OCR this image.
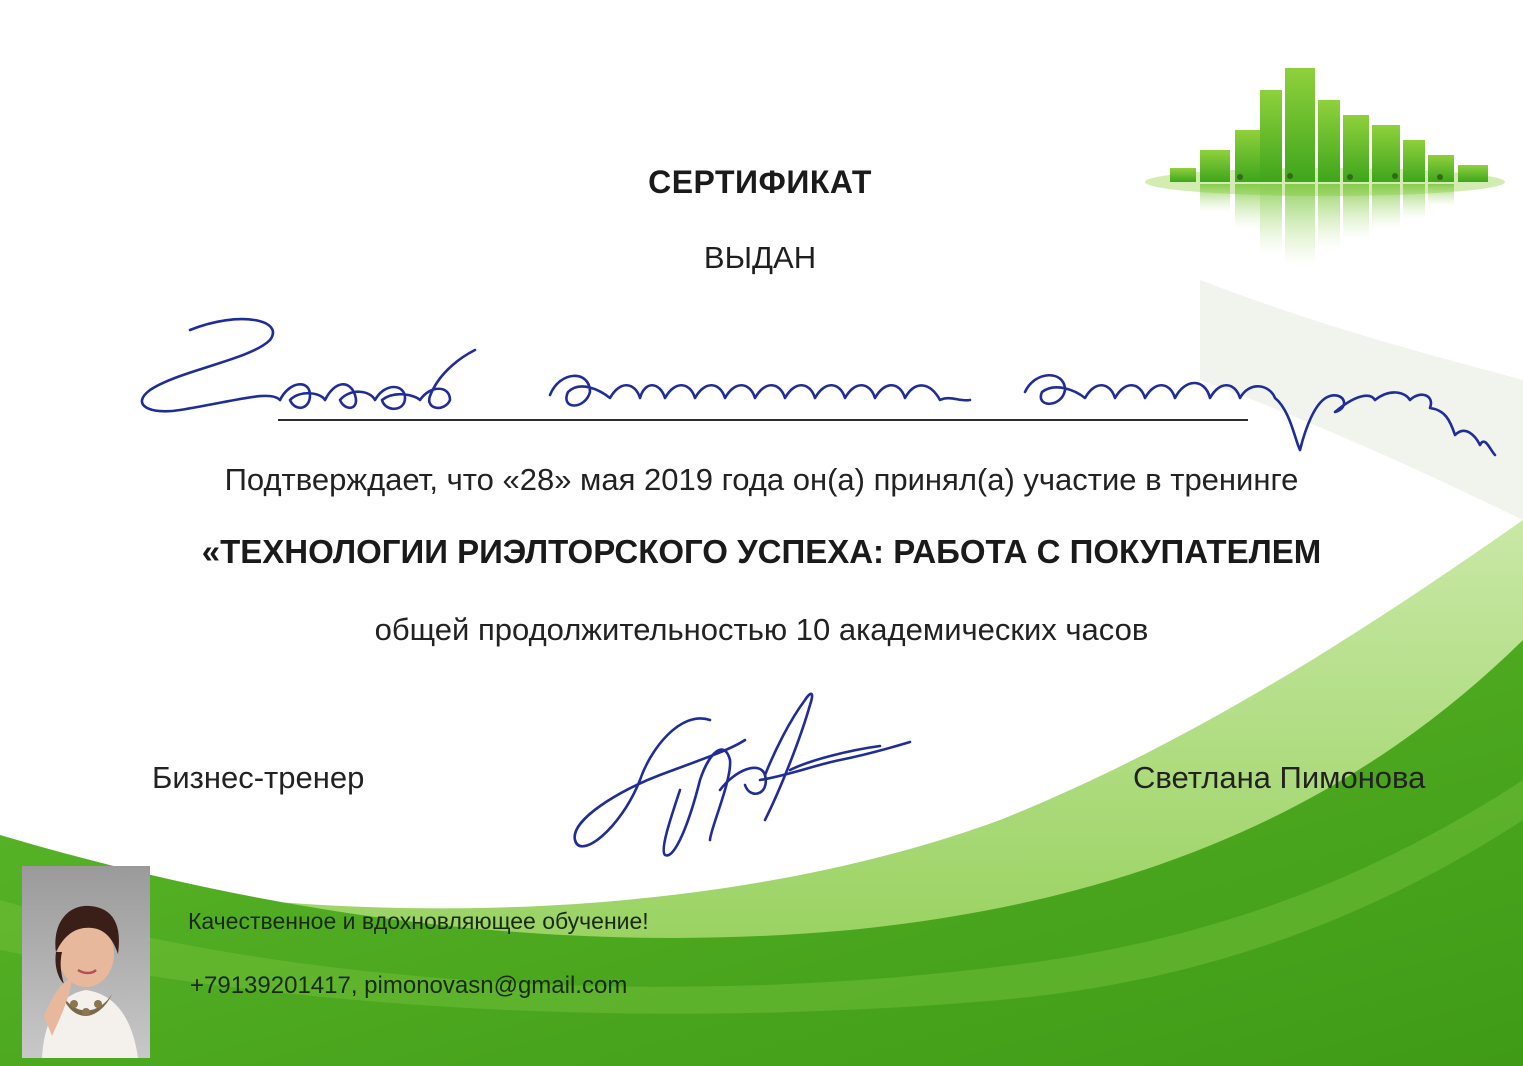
СЕРТИФИКАТ
ВЫДАН
Подтверждает, что «28» мая 2019 года он(а) принял(а) участие в тренинге
«ТЕХНОЛОГИИ РИЭЛТОРСКОГО УСПЕХА: РАБОТА С ПОКУПАТЕЛЕМ
общей продолжительностью 10 академических часов
Бизнес-тренер	Светлана Пимонова
Качественное и вдохновляющее обучение!
+79139201417, pimonovasn@gmail.com
